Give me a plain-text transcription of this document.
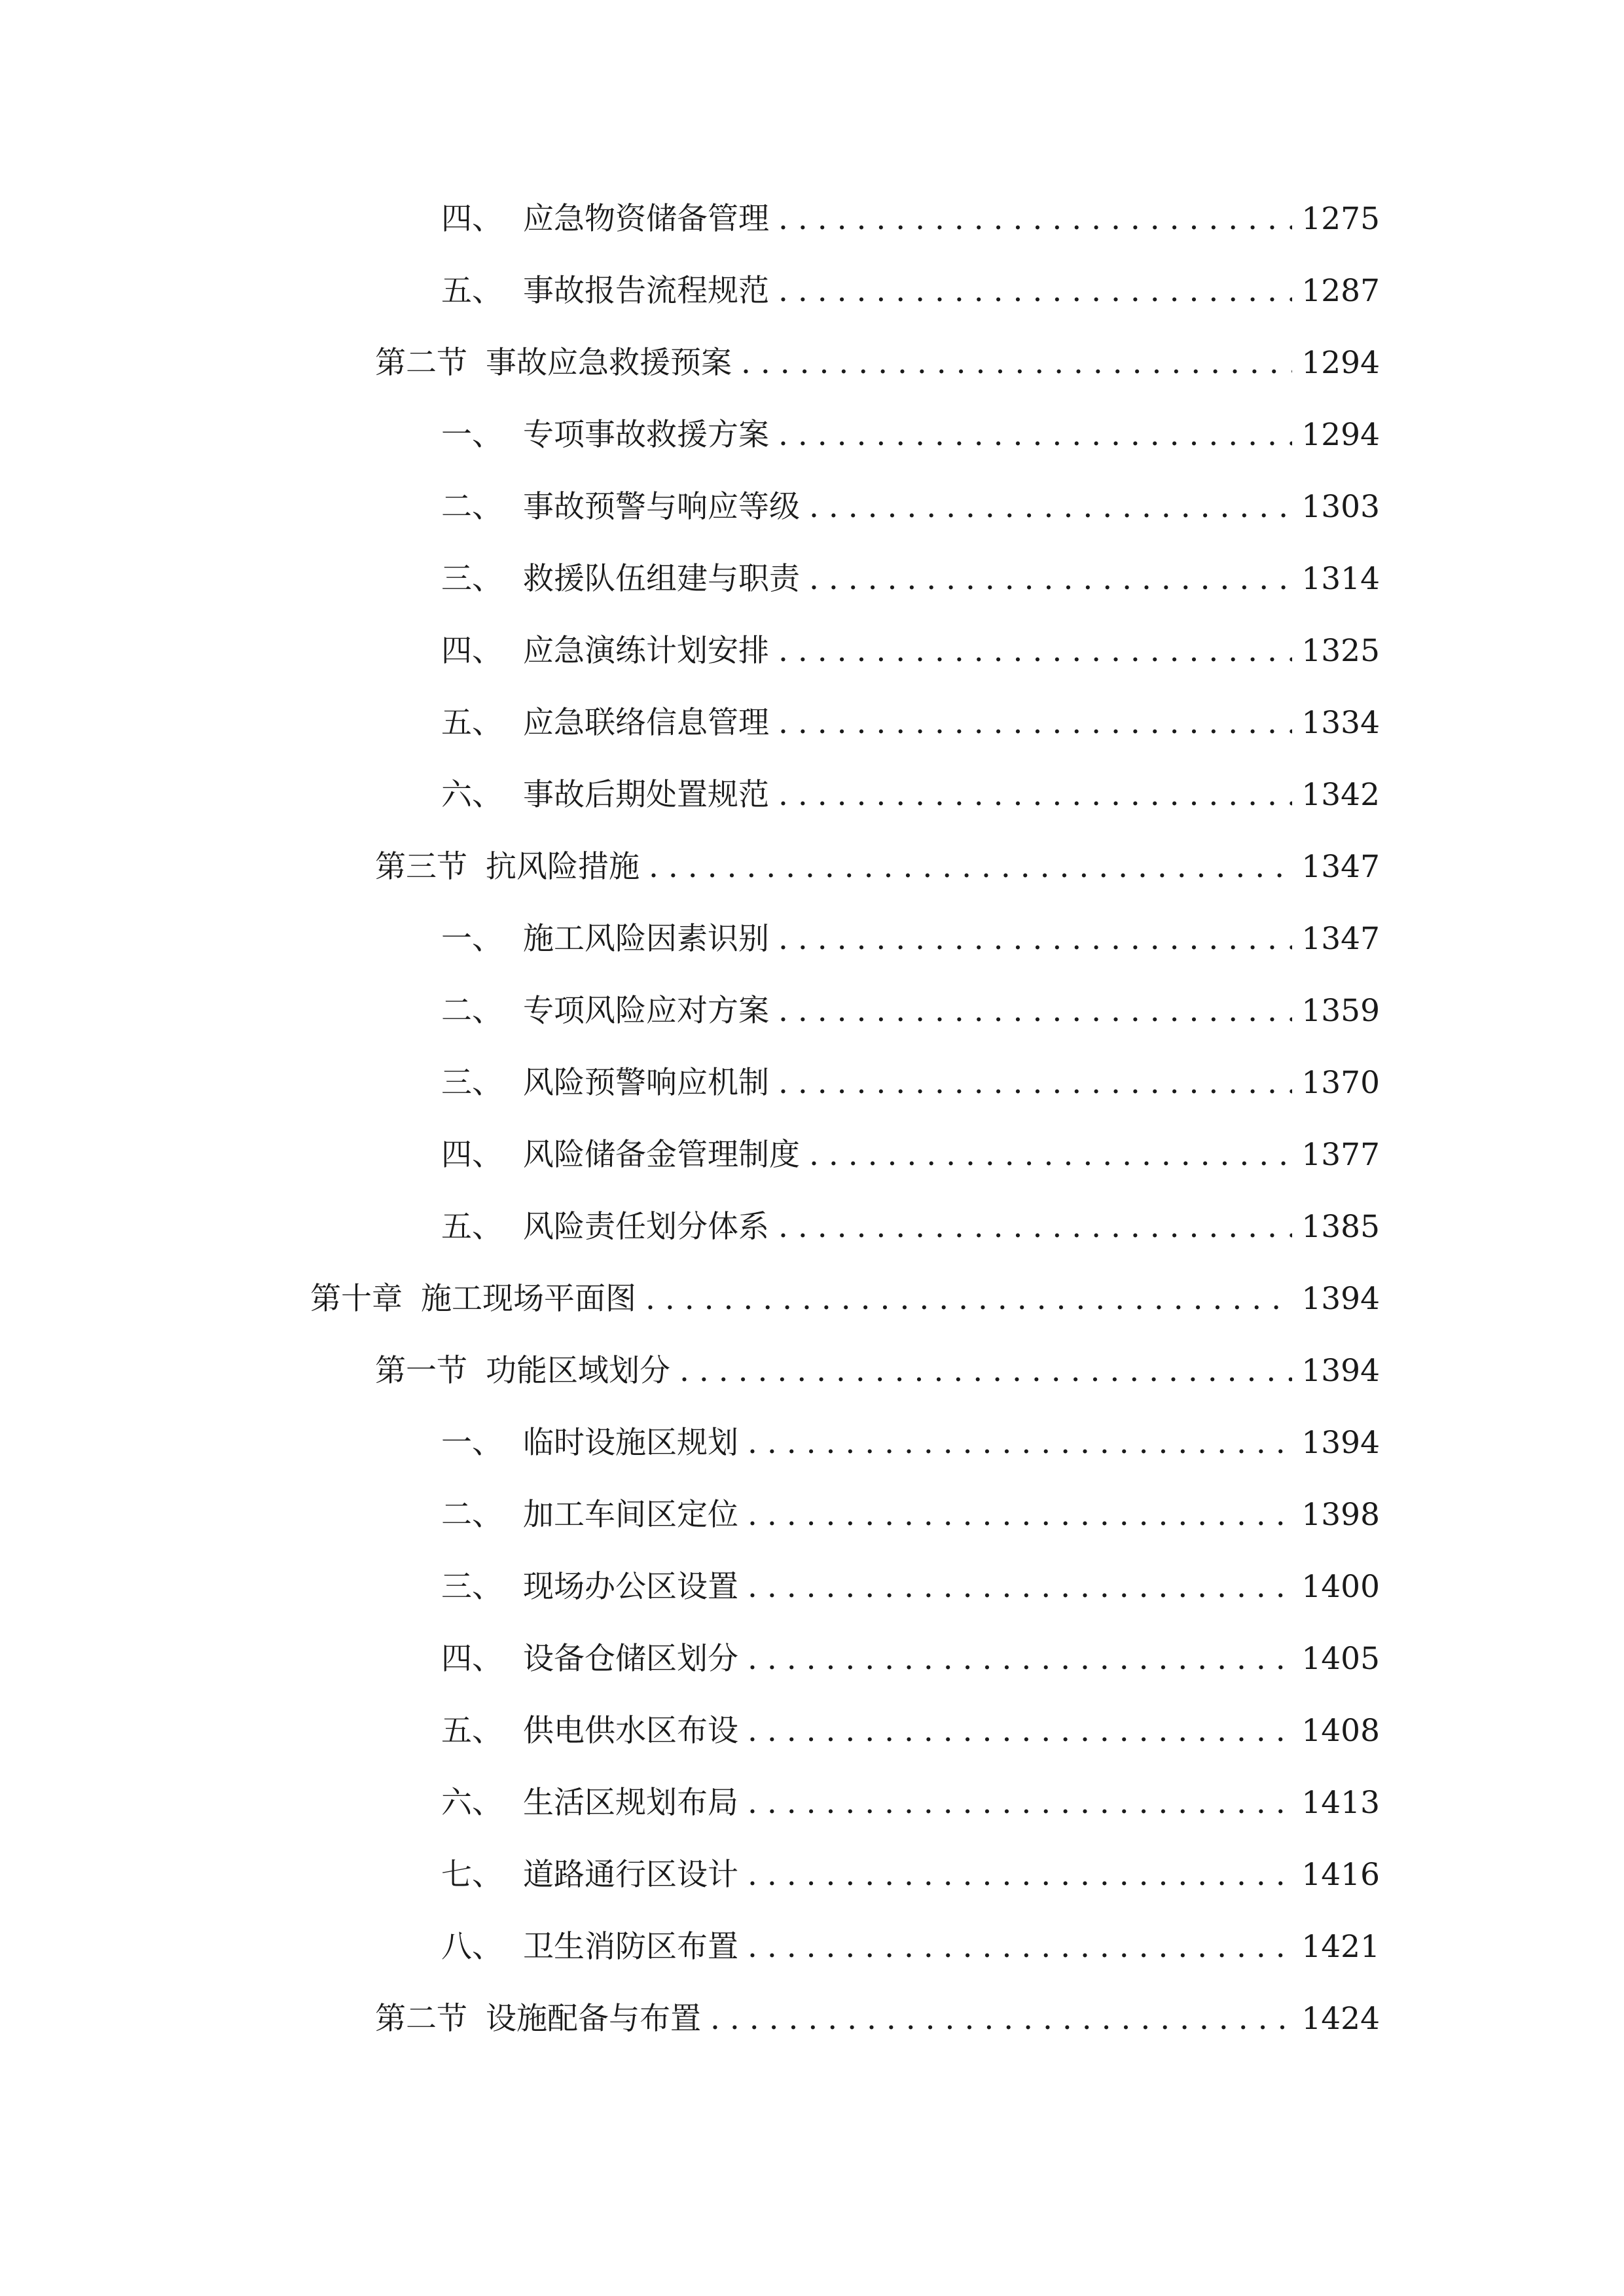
四、 应急物资储备管理 . . .	1275
五、 事故报告流程规范 . . .	1287
第二节 事故应急救援预案 . . .	1294
一、 专项事故救援方案 . . .	1294
二、 事故预警与响应等级 . . .	1303
三、 救援队伍组建与职责 . . .	1314
四、 应急演练计划安排 . . .	1325
五、 应急联络信息管理 . . .	1334
六、 事故后期处置规范 . . .	1342
第三节 抗风险措施 . . .	1347
一、 施工风险因素识别 . . .	1347
二、 专项风险应对方案 . . .	1359
三、 风险预警响应机制 . . .	1370
四、 风险储备金管理制度 . . .	1377
五、 风险责任划分体系 . . .	1385
第十章 施工现场平面图 . . .	1394
第一节 功能区域划分 . . .	1394
一、 临时设施区规划 . . .	1394
二、 加工车间区定位 . . .	1398
三、 现场办公区设置 . . .	1400
四、 设备仓储区划分 . . .	1405
五、 供电供水区布设 . . .	1408
六、 生活区规划布局 . . .	1413
七、 道路通行区设计 . . .	1416
八、 卫生消防区布置 . . .	1421
第二节 设施配备与布置 . . .	1424
